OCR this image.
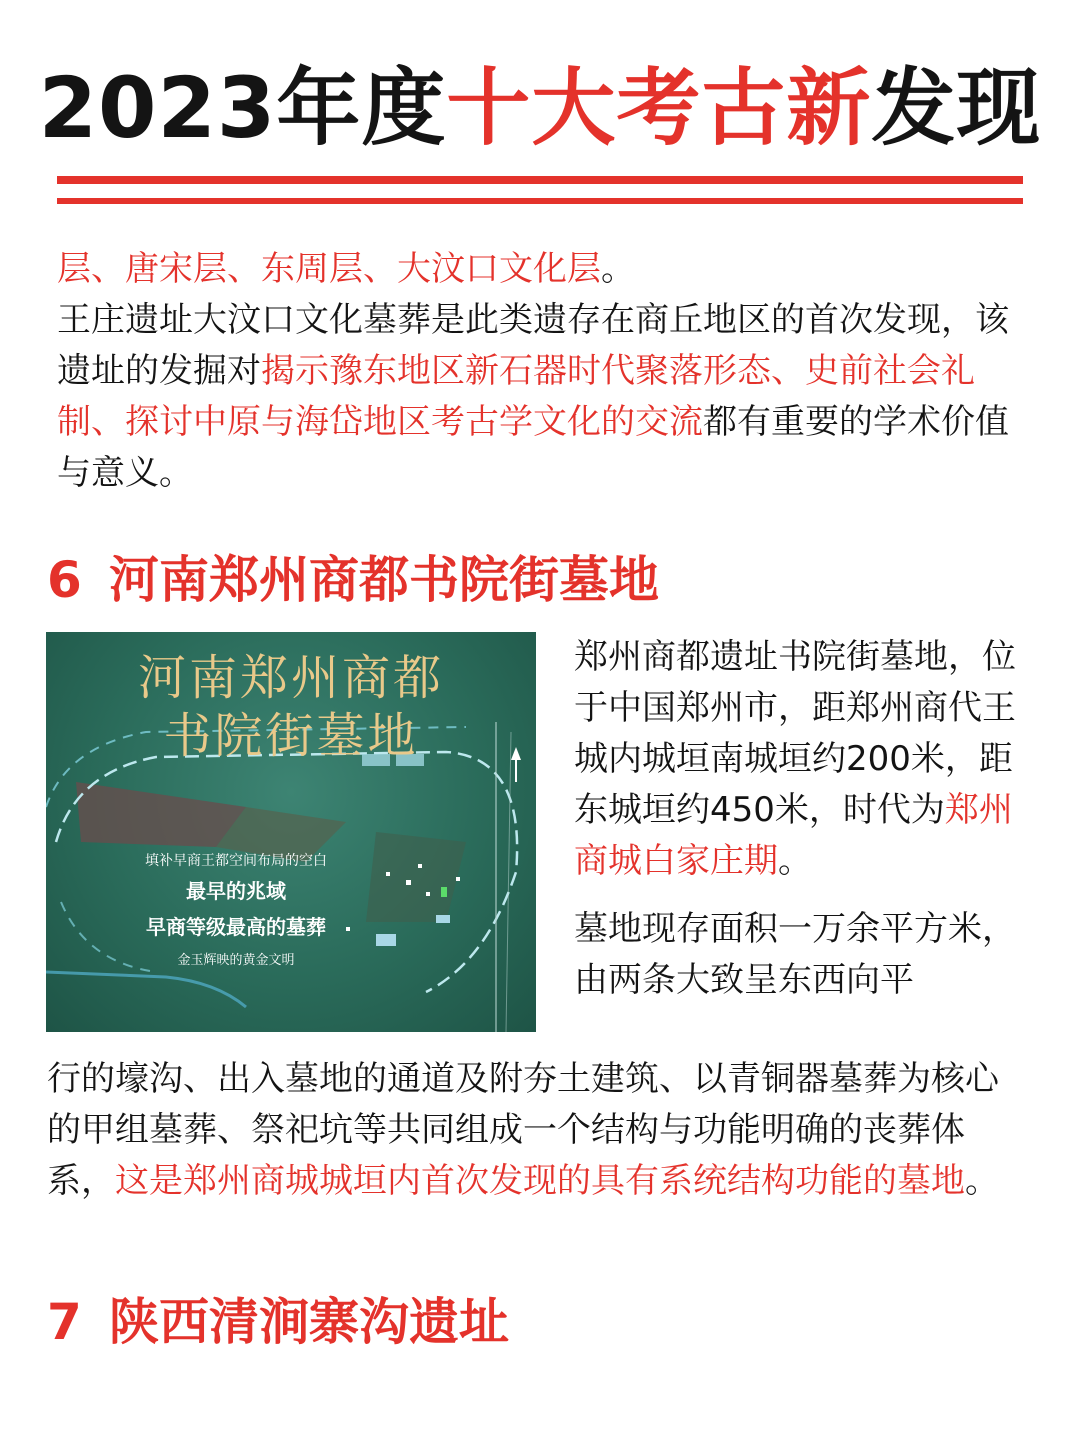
2023年度十大考古新发现

层、唐宋层、东周层、大汶口文化层。

王庄遗址大汶口文化墓葬是此类遗存在商丘地区的首次发现，该遗址的发掘对揭示豫东地区新石器时代聚落形态、史前社会礼制、探讨中原与海岱地区考古学文化的交流都有重要的学术价值与意义。

6 河南郑州商都书院街墓地
河南郑州商都
书院街墓地
填补早商王都空间布局的空白
最早的兆域
早商等级最高的墓葬
金玉辉映的黄金文明

郑州商都遗址书院街墓地，位于中国郑州市，距郑州商代王城内城垣南城垣约200米，距东城垣约450米，时代为郑州商城白家庄期。

墓地现存面积一万余平方米，由两条大致呈东西向平

行的壕沟、出入墓地的通道及附夯土建筑、以青铜器墓葬为核心的甲组墓葬、祭祀坑等共同组成一个结构与功能明确的丧葬体系，这是郑州商城城垣内首次发现的具有系统结构功能的墓地。

7 陕西清涧寨沟遗址
